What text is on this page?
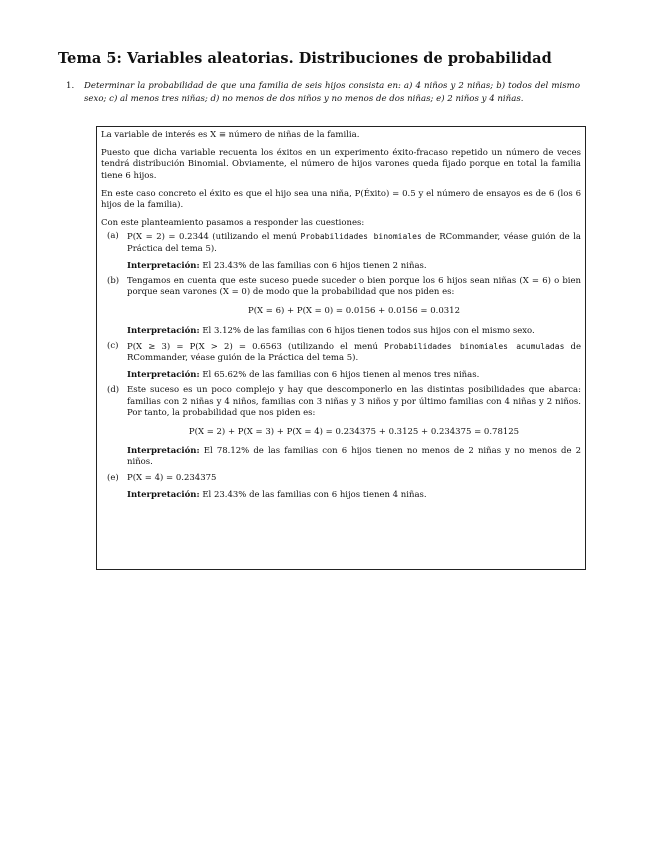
Tema 5: Variables aleatorias. Distribuciones de probabilidad
1. Determinar la probabilidad de que una familia de seis hijos consista en: a) 4 niños y 2 niñas; b) todos del mismo sexo; c) al menos tres niñas; d) no menos de dos niños y no menos de dos niñas; e) 2 niños y 4 niñas.

La variable de interés es X ≡ número de niñas de la familia.

Puesto que dicha variable recuenta los éxitos en un experimento éxito-fracaso repetido un número de veces tendrá distribución Binomial. Obviamente, el número de hijos varones queda fijado porque en total la familia tiene 6 hijos.

En este caso concreto el éxito es que el hijo sea una niña, P(Éxito) = 0.5 y el número de ensayos es de 6 (los 6 hijos de la familia).

Con este planteamiento pasamos a responder las cuestiones:

(a) P(X = 2) = 0.2344 (utilizando el menú Probabilidades binomiales de RCommander, véase guión de la Práctica del tema 5).
Interpretación: El 23.43% de las familias con 6 hijos tienen 2 niñas.
(b) Tengamos en cuenta que este suceso puede suceder o bien porque los 6 hijos sean niñas (X = 6) o bien porque sean varones (X = 0) de modo que la probabilidad que nos piden es:
P(X = 6) + P(X = 0) = 0.0156 + 0.0156 = 0.0312
Interpretación: El 3.12% de las familias con 6 hijos tienen todos sus hijos con el mismo sexo.
(c) P(X ≥ 3) = P(X > 2) = 0.6563 (utilizando el menú Probabilidades binomiales acumuladas de RCommander, véase guión de la Práctica del tema 5).
Interpretación: El 65.62% de las familias con 6 hijos tienen al menos tres niñas.
(d) Este suceso es un poco complejo y hay que descomponerlo en las distintas posibilidades que abarca: familias con 2 niñas y 4 niños, familias con 3 niñas y 3 niños y por último familias con 4 niñas y 2 niños. Por tanto, la probabilidad que nos piden es:
P(X = 2) + P(X = 3) + P(X = 4) = 0.234375 + 0.3125 + 0.234375 = 0.78125
Interpretación: El 78.12% de las familias con 6 hijos tienen no menos de 2 niñas y no menos de 2 niños.
(e) P(X = 4) = 0.234375
Interpretación: El 23.43% de las familias con 6 hijos tienen 4 niñas.
